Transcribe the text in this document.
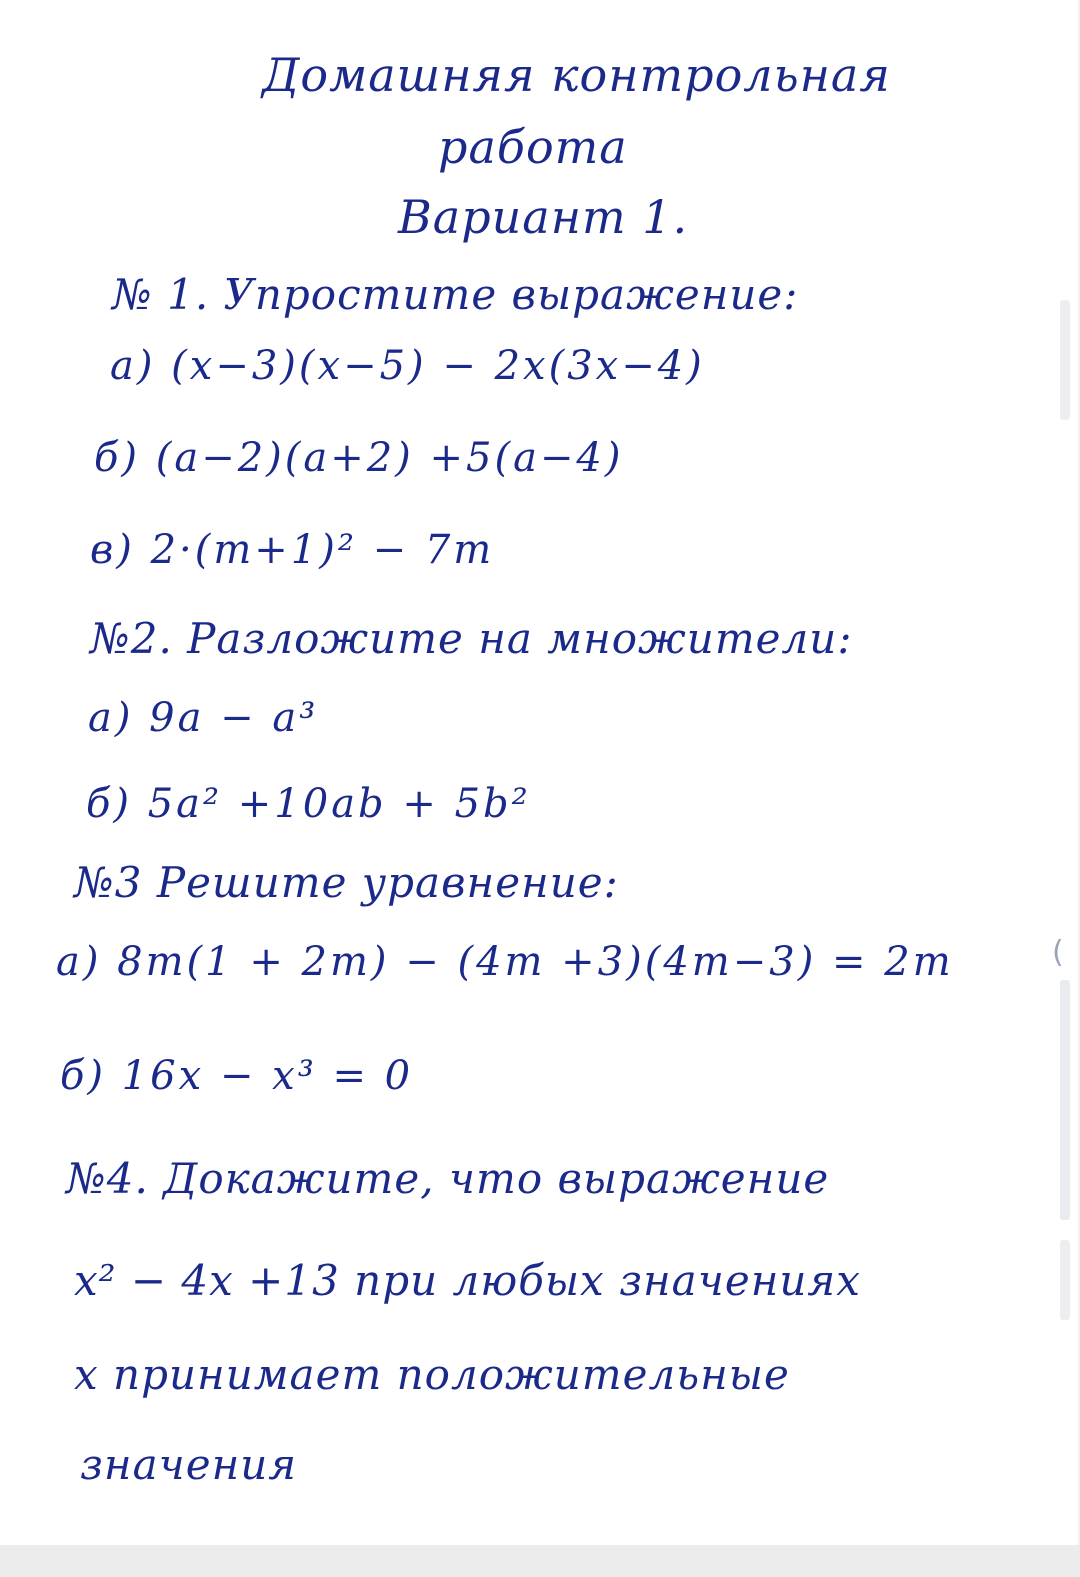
Домашняя контрольная
работа
Вариант 1.

№ 1. Упростите выражение:

а) (x−3)(x−5) − 2x(3x−4)

б) (a−2)(a+2) +5(a−4)

в) 2·(m+1)² − 7m

№2. Разложите на множители:

а) 9a − a³

б) 5a² +10ab + 5b²

№3 Решите уравнение:

а) 8m(1 + 2m) − (4m +3)(4m−3) = 2m

б) 16x − x³ = 0

№4. Докажите, что выражение

x² − 4x +13 при любых значениях

x принимает положительные

значения

(
